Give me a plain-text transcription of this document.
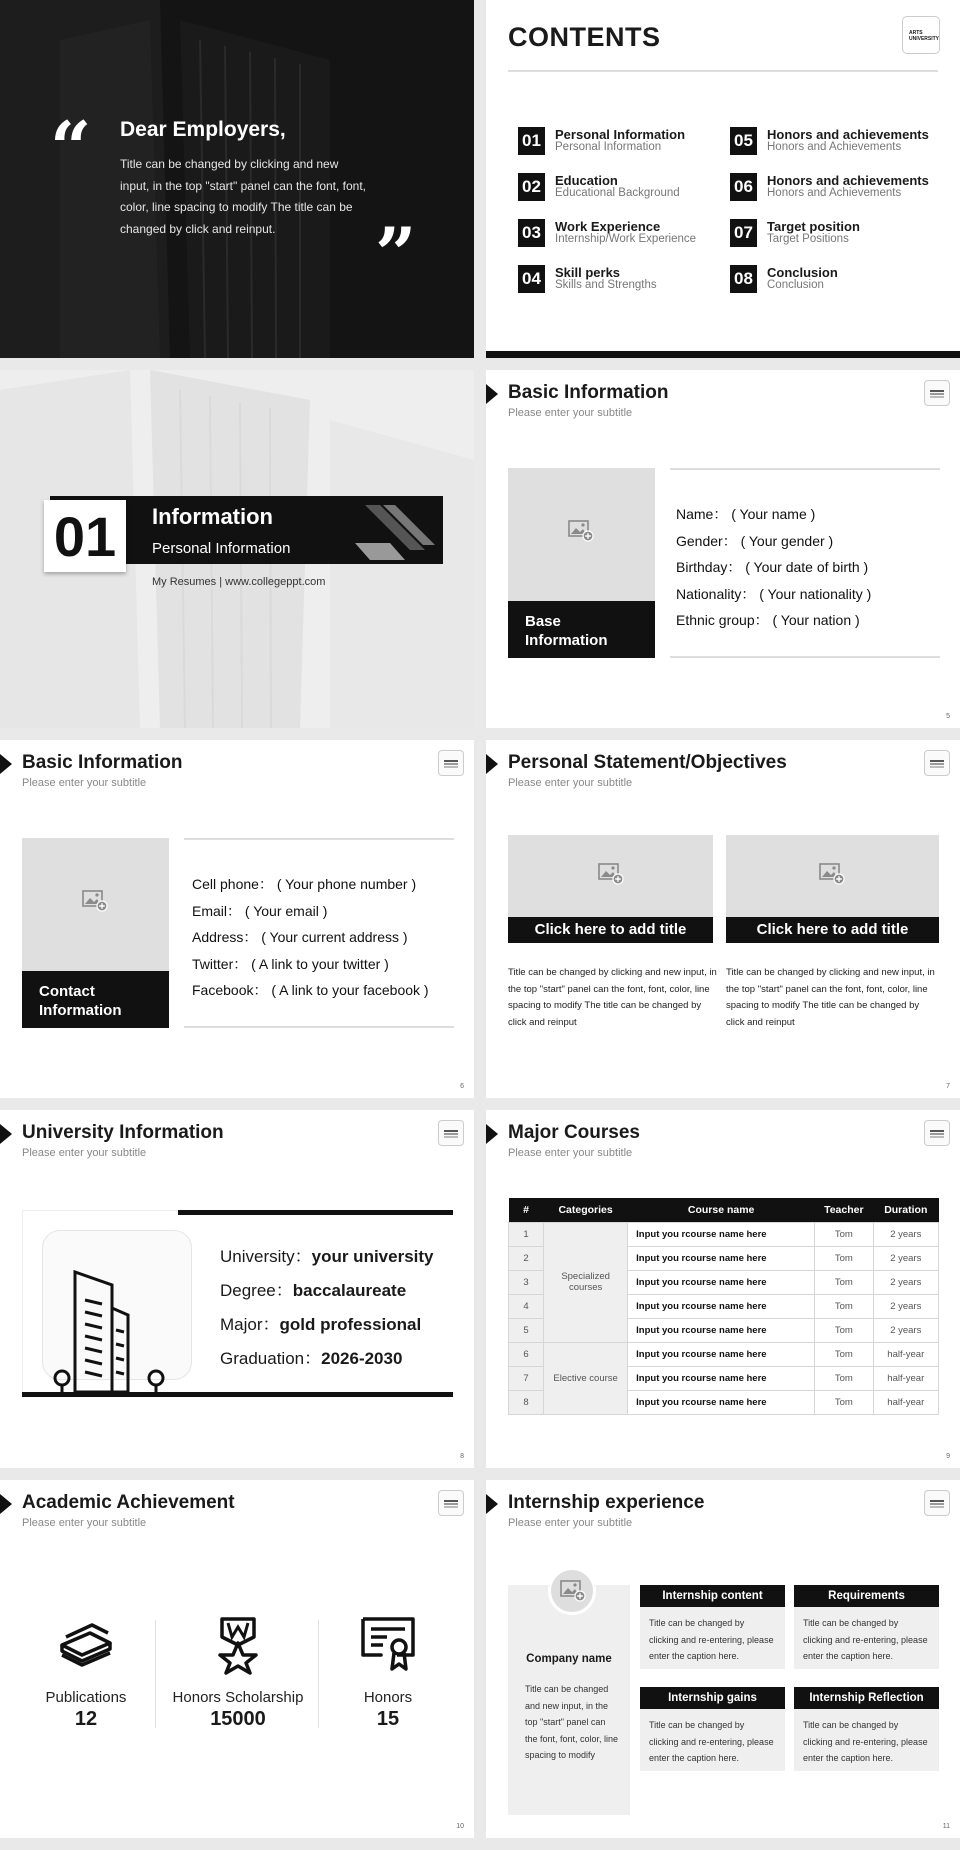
“ Dear Employers,
Title can be changed by clicking and new input, in the top "start" panel can the font, font, color, line spacing to modify The title can be changed by click and reinput.	”
CONTENTS	ARTS UNIVERSITY
01	Personal Information
Personal Information
02	Education
Educational Background
03	Work Experience
Internship/Work Experience
04	Skill perks
Skills and Strengths
05	Honors and achievements
Honors and Achievements
06	Honors and achievements
Honors and Achievements
07	Target position
Target Positions
08	Conclusion
Conclusion
01	Information
Personal Information
My Resumes | www.collegeppt.com
Basic Information
Please enter your subtitle
Base Information
Name： ( Your name )
Gender： ( Your gender )
Birthday： ( Your date of birth )
Nationality： ( Your nationality )
Ethnic group： ( Your nation )
5
Basic Information
Please enter your subtitle
Contact Information
Cell phone： ( Your phone number )
Email： ( Your email )
Address： ( Your current address )
Twitter： ( A link to your twitter )
Facebook： ( A link to your facebook )
6
Personal Statement/Objectives
Please enter your subtitle
Click here to add title
Title can be changed by clicking and new input, in the top "start" panel can the font, font, color, line spacing to modify The title can be changed by click and reinput
Click here to add title
Title can be changed by clicking and new input, in the top "start" panel can the font, font, color, line spacing to modify The title can be changed by click and reinput
7
University Information
Please enter your subtitle
University：your university
Degree：baccalaureate
Major：gold professional
Graduation：2026-2030
8
Major Courses
Please enter your subtitle
#	Categories	Course name	Teacher	Duration
1	Specialized courses	Input you rcourse name here	Tom	2 years
2		Input you rcourse name here	Tom	2 years
3		Input you rcourse name here	Tom	2 years
4		Input you rcourse name here	Tom	2 years
5		Input you rcourse name here	Tom	2 years
6	Elective course	Input you rcourse name here	Tom	half-year
7		Input you rcourse name here	Tom	half-year
8		Input you rcourse name here	Tom	half-year
9
Academic Achievement
Please enter your subtitle
Publications
12
Honors Scholarship
15000
Honors
15
10
Internship experience
Please enter your subtitle
Company name
Title can be changed and new input, in the top "start" panel can the font, font, color, line spacing to modify
Internship content
Title can be changed by clicking and re-entering, please enter the caption here.
Requirements
Title can be changed by clicking and re-entering, please enter the caption here.
Internship gains
Title can be changed by clicking and re-entering, please enter the caption here.
Internship Reflection
Title can be changed by clicking and re-entering, please enter the caption here.
11
